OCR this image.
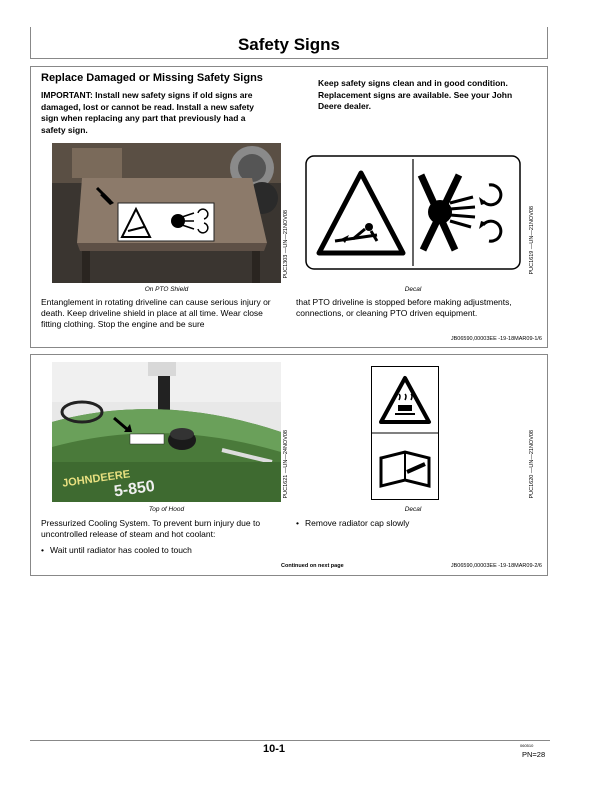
Safety Signs
Replace Damaged or Missing Safety Signs
IMPORTANT: Install new safety signs if old signs are damaged, lost or cannot be read. Install a new safety sign when replacing any part that previously had a safety sign.
Keep safety signs clean and in good condition. Replacement signs are available. See your John Deere dealer.
PUC1303 —UN—21NOV08
On PTO Shield
PUC1619 —UN—21NOV08
Decal
Entanglement in rotating driveline can cause serious injury or death. Keep driveline shield in place at all time. Wear close fitting clothing. Stop the engine and be sure
that PTO driveline is stopped before making adjustments, connections, or cleaning PTO driven equipment.
JB06590,00003EE -19-18MAR09-1/6
JOHNDEERE
5-850	PUC1621 —UN—24NOV08
Top of Hood
PUC1620 —UN—21NOV08
Decal
Pressurized Cooling System. To prevent burn injury due to uncontrolled release of steam and hot coolant:
• Wait until radiator has cooled to touch
• Remove radiator cap slowly
Continued on next page	JB06590,00003EE -19-18MAR09-2/6
10-1	060510
PN=28
